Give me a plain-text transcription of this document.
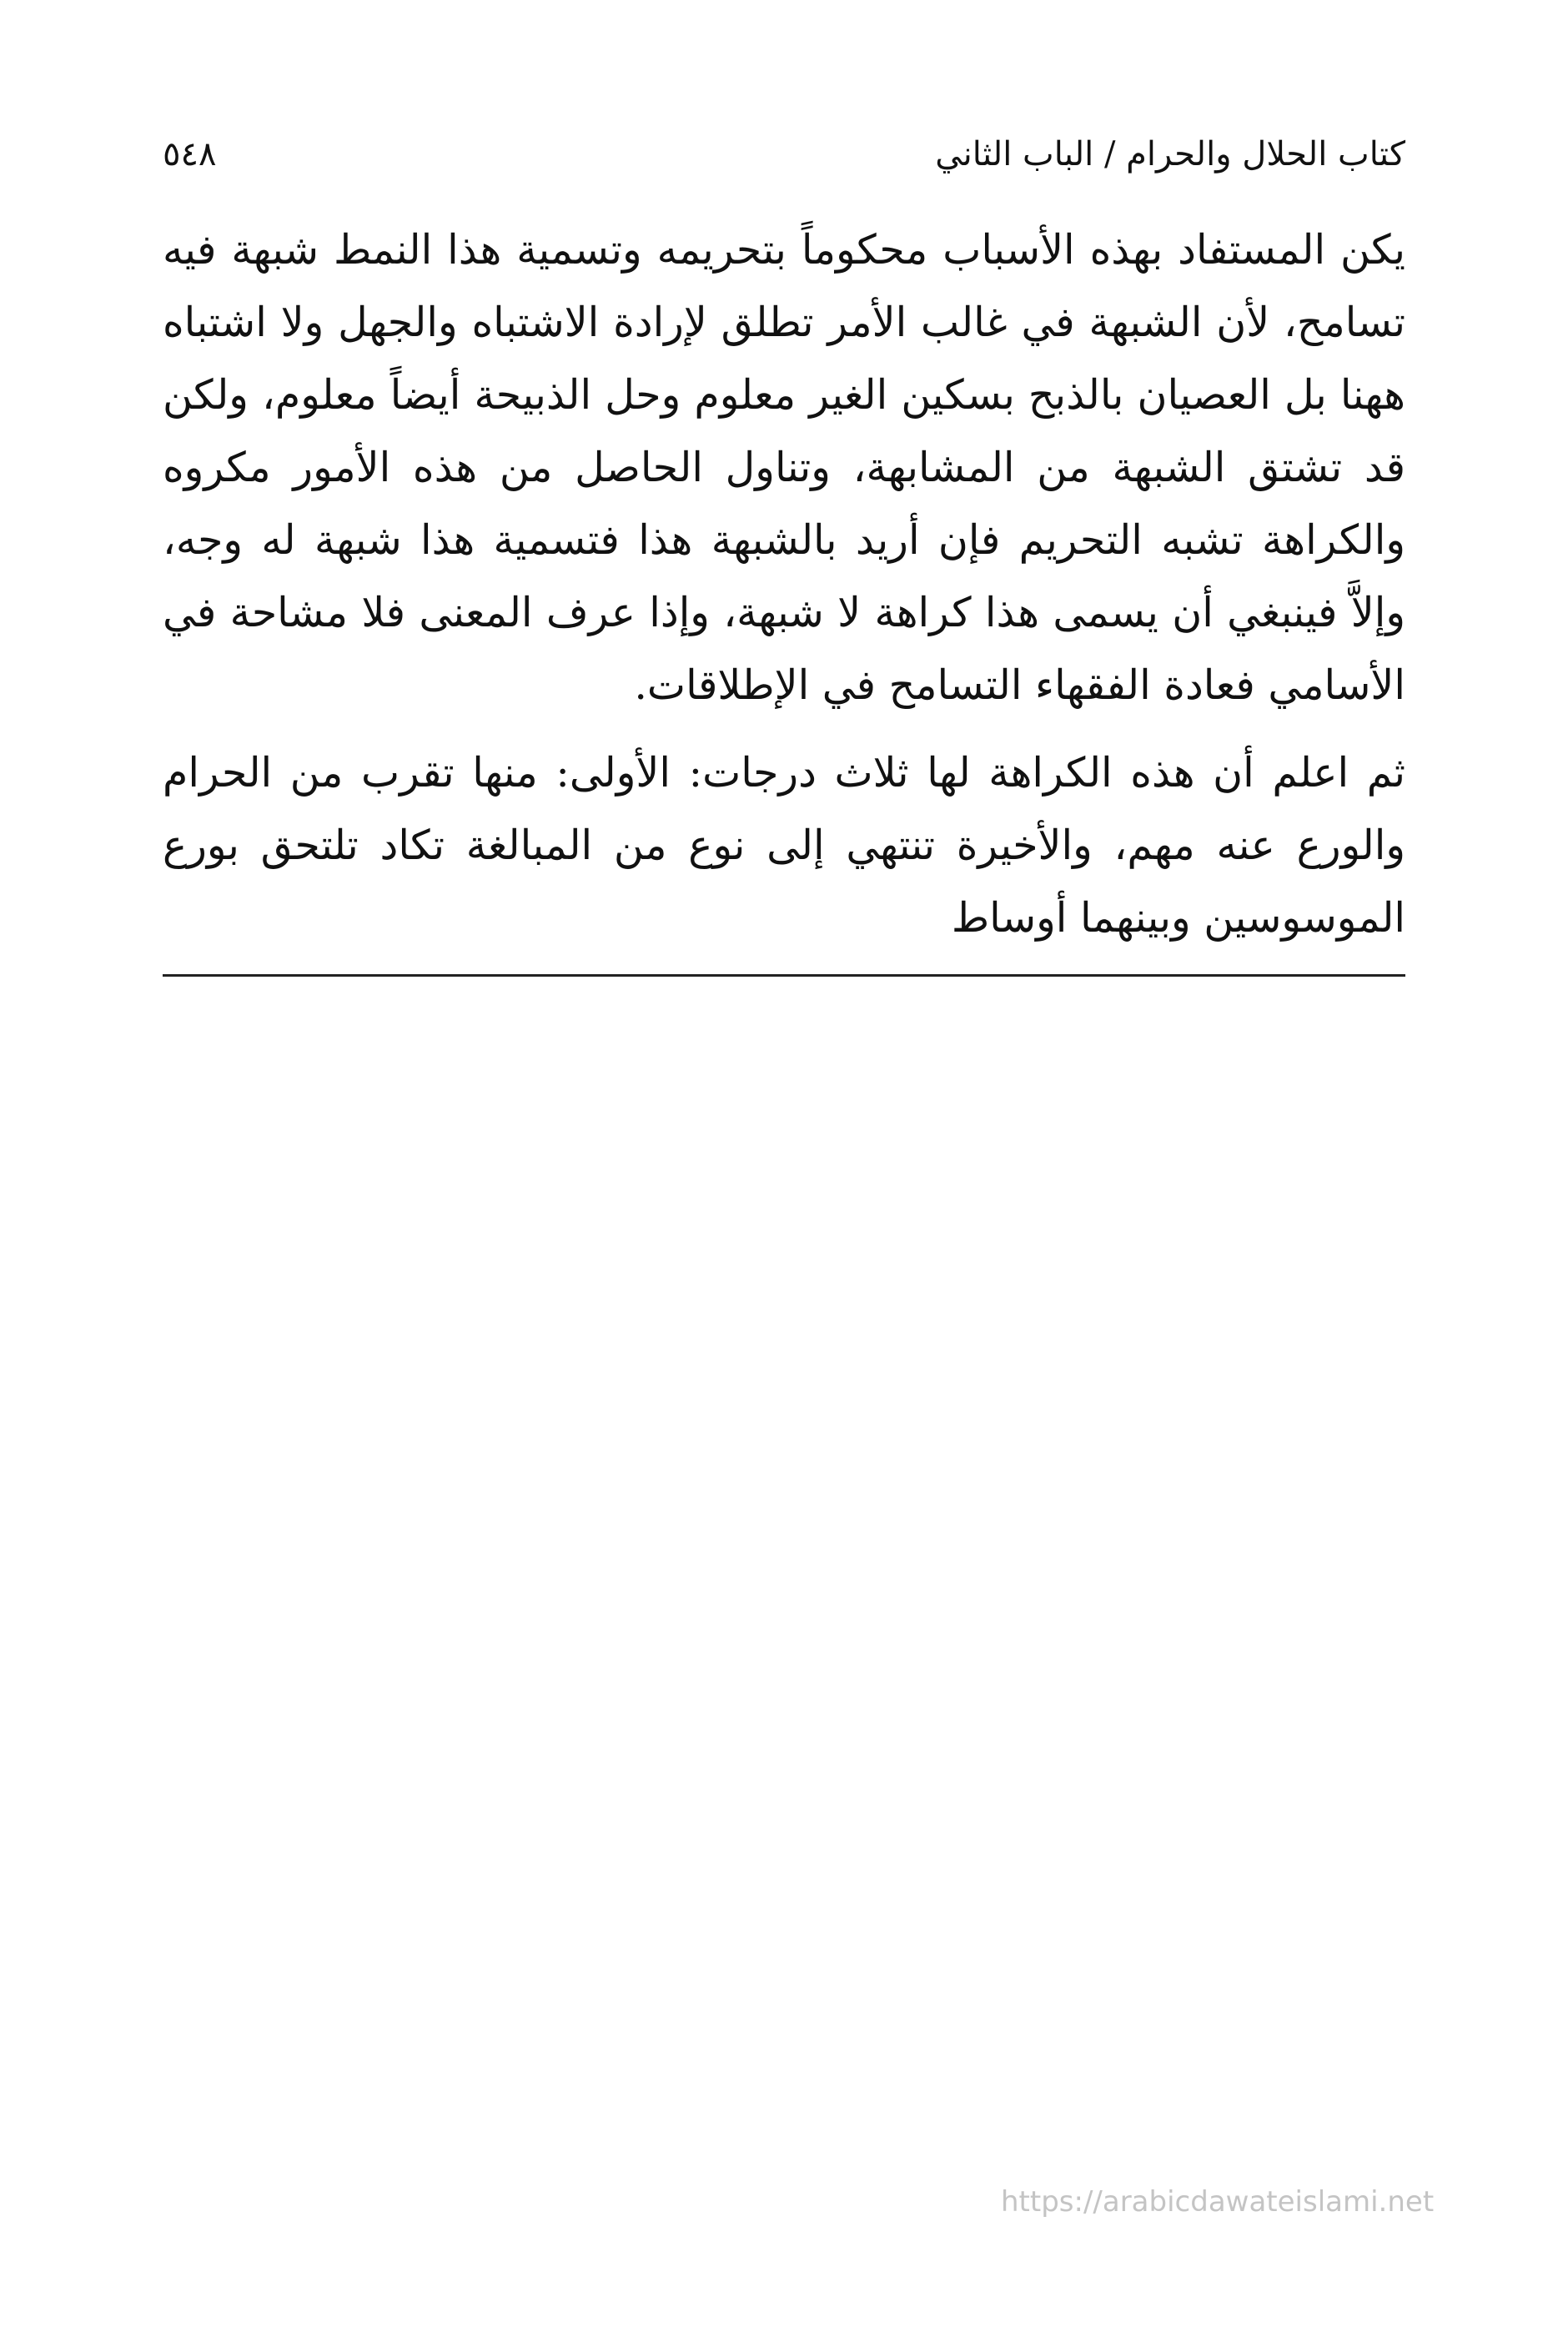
كتاب الحلال والحرام / الباب الثاني
٥٤٨

يكن المستفاد بهذه الأسباب محكوماً بتحريمه وتسمية هذا النمط شبهة فيه تسامح، لأن الشبهة في غالب الأمر تطلق لإرادة الاشتباه والجهل ولا اشتباه ههنا بل العصيان بالذبح بسكين الغير معلوم وحل الذبيحة أيضاً معلوم، ولكن قد تشتق الشبهة من المشابهة، وتناول الحاصل من هذه الأمور مكروه والكراهة تشبه التحريم فإن أريد بالشبهة هذا فتسمية هذا شبهة له وجه، وإلاَّ فينبغي أن يسمى هذا كراهة لا شبهة، وإذا عرف المعنى فلا مشاحة في الأسامي فعادة الفقهاء التسامح في الإطلاقات.

ثم اعلم أن هذه الكراهة لها ثلاث درجات: الأولى: منها تقرب من الحرام والورع عنه مهم، والأخيرة تنتهي إلى نوع من المبالغة تكاد تلتحق بورع الموسوسين وبينهما أوساط

https://arabicdawateislami.net
